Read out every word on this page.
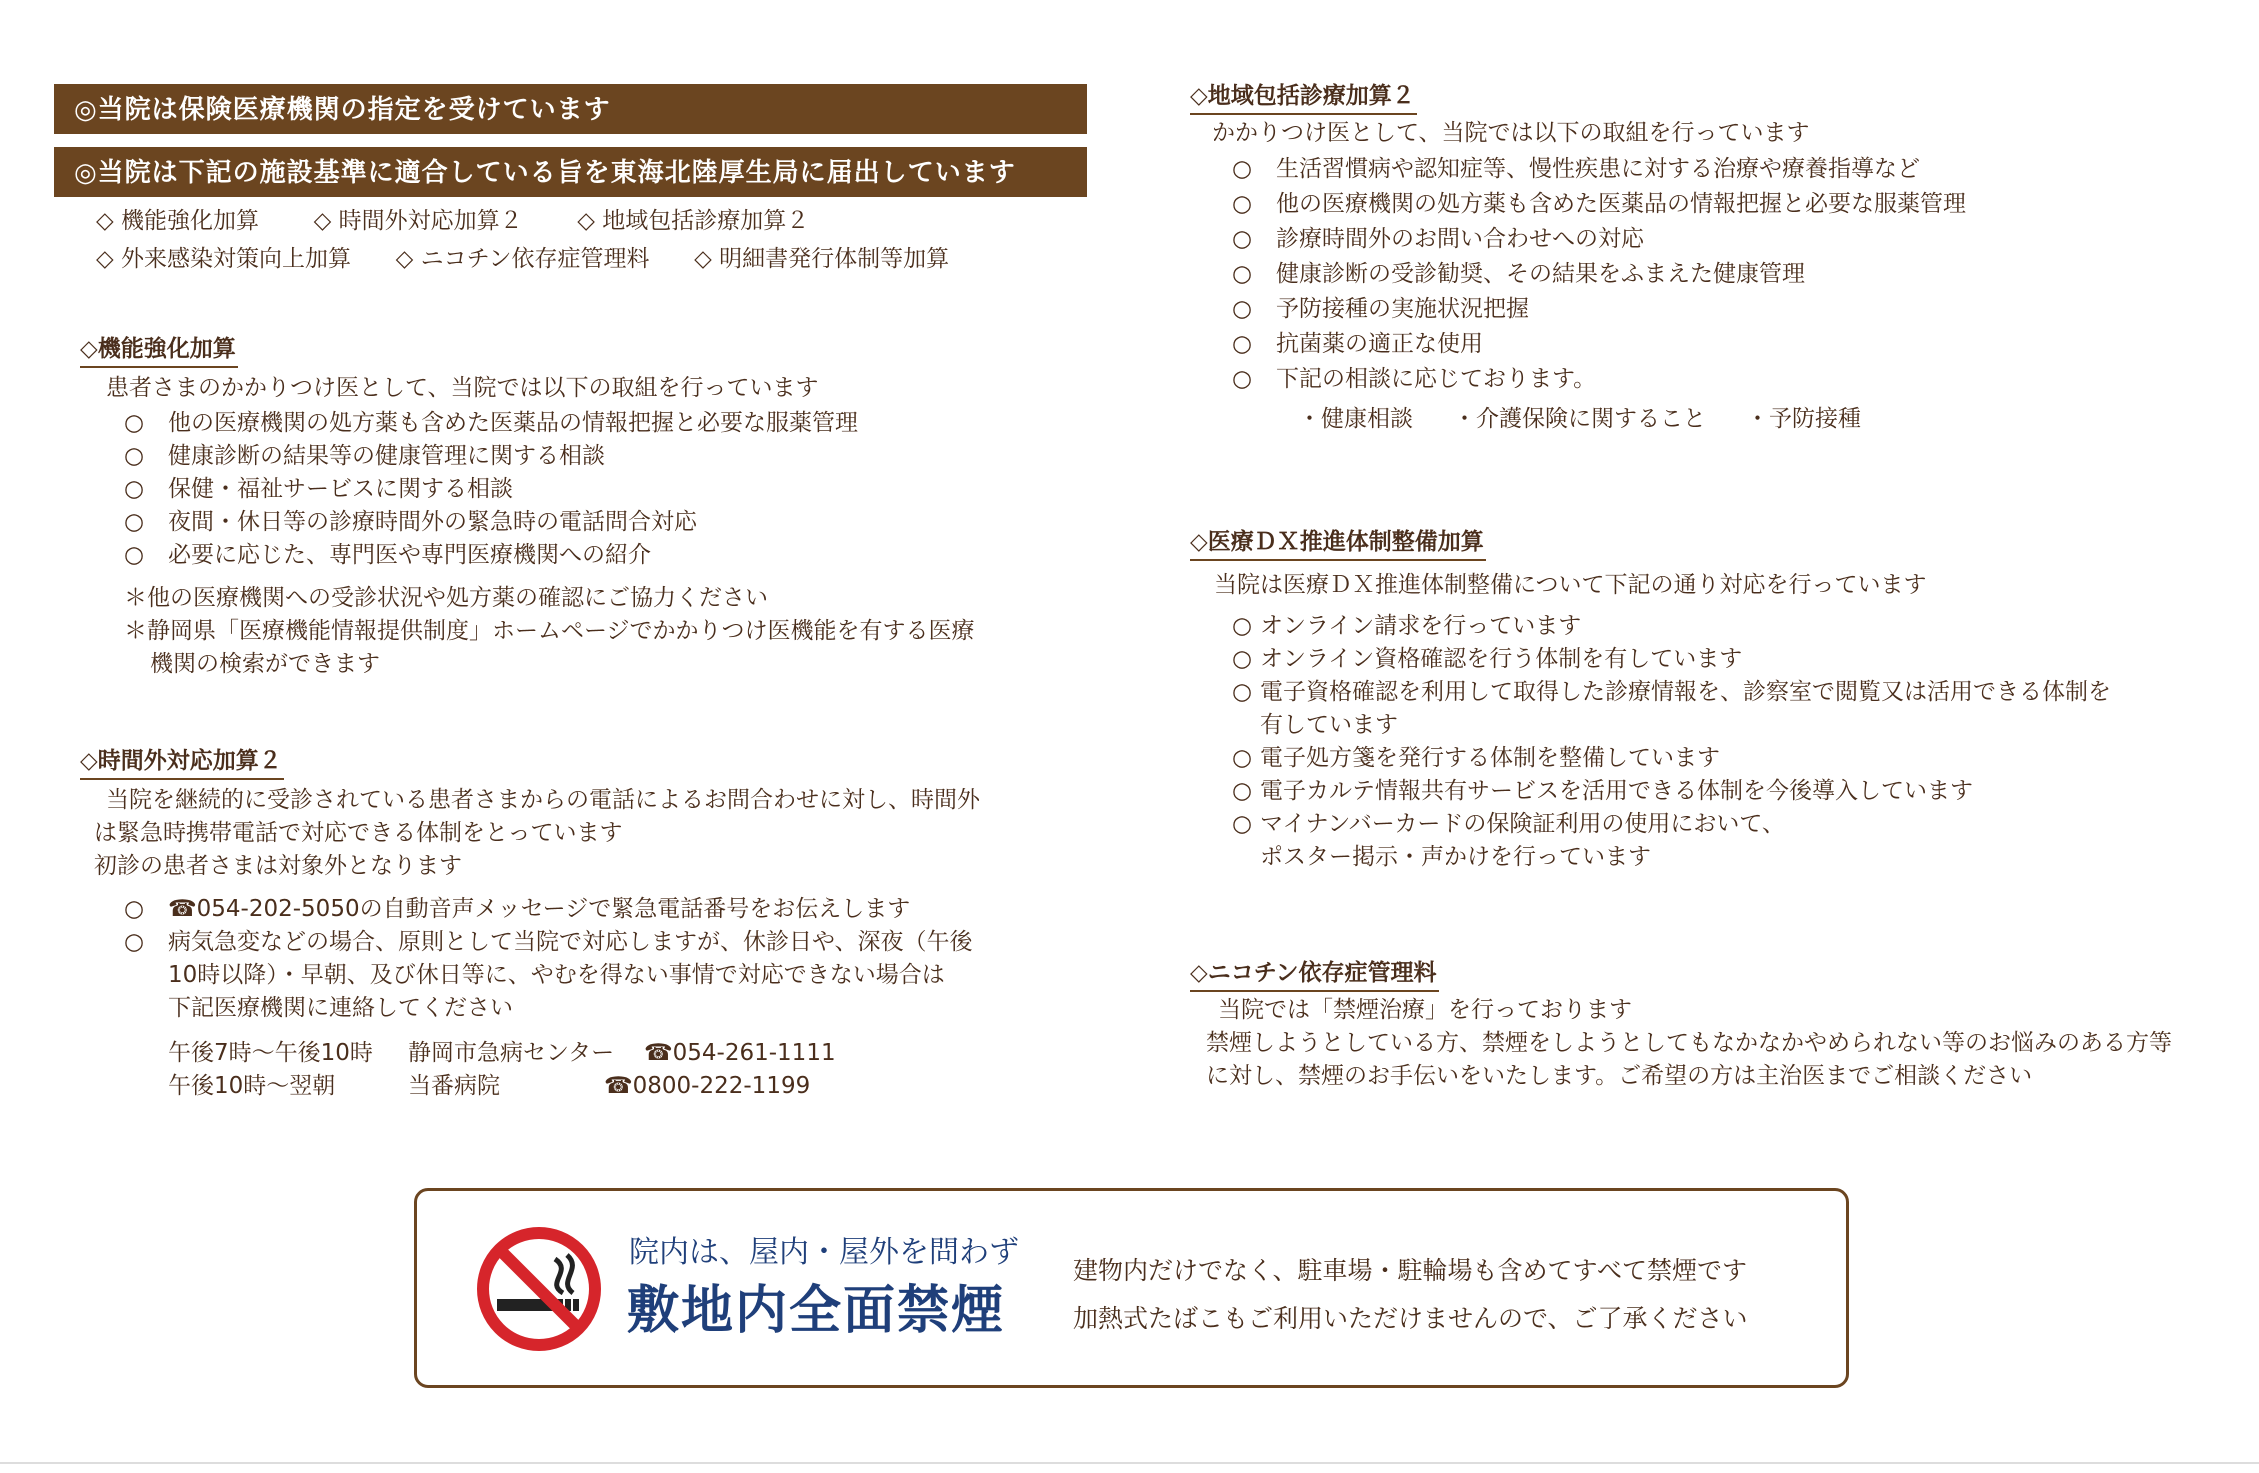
◎当院は保険医療機関の指定を受けています
◎当院は下記の施設基準に適合している旨を東海北陸厚生局に届出しています
◇ 機能強化加算 ◇ 時間外対応加算２ ◇ 地域包括診療加算２
◇ 外来感染対策向上加算 ◇ ニコチン依存症管理料 ◇ 明細書発行体制等加算
◇機能強化加算
患者さまのかかりつけ医として、当院では以下の取組を行っています
○ 他の医療機関の処方薬も含めた医薬品の情報把握と必要な服薬管理
○ 健康診断の結果等の健康管理に関する相談
○ 保健・福祉サービスに関する相談
○ 夜間・休日等の診療時間外の緊急時の電話問合対応
○ 必要に応じた、専門医や専門医療機関への紹介
＊他の医療機関への受診状況や処方薬の確認にご協力ください
＊静岡県「医療機能情報提供制度」ホームページでかかりつけ医機能を有する医療
機関の検索ができます
◇時間外対応加算２
当院を継続的に受診されている患者さまからの電話によるお問合わせに対し、時間外
は緊急時携帯電話で対応できる体制をとっています
初診の患者さまは対象外となります
○ ☎054-202-5050の自動音声メッセージで緊急電話番号をお伝えします
○ 病気急変などの場合、原則として当院で対応しますが、休診日や、深夜（午後
10時以降）・早朝、及び休日等に、やむを得ない事情で対応できない場合は
下記医療機関に連絡してください
午後7時～午後10時 静岡市急病センター ☎054-261-1111
午後10時～翌朝	当番病院	☎0800-222-1199
◇地域包括診療加算２
かかりつけ医として、当院では以下の取組を行っています
○ 生活習慣病や認知症等、慢性疾患に対する治療や療養指導など
○ 他の医療機関の処方薬も含めた医薬品の情報把握と必要な服薬管理
○ 診療時間外のお問い合わせへの対応
○ 健康診断の受診勧奨、その結果をふまえた健康管理
○ 予防接種の実施状況把握
○ 抗菌薬の適正な使用
○ 下記の相談に応じております。
・健康相談 ・介護保険に関すること ・予防接種
◇医療ＤＸ推進体制整備加算
当院は医療ＤＸ推進体制整備について下記の通り対応を行っています
○ オンライン請求を行っています
○ オンライン資格確認を行う体制を有しています
○ 電子資格確認を利用して取得した診療情報を、診察室で閲覧又は活用できる体制を
有しています
○ 電子処方箋を発行する体制を整備しています
○ 電子カルテ情報共有サービスを活用できる体制を今後導入しています
○ マイナンバーカードの保険証利用の使用において、
ポスター掲示・声かけを行っています
◇ニコチン依存症管理料
当院では「禁煙治療」を行っております
禁煙しようとしている方、禁煙をしようとしてもなかなかやめられない等のお悩みのある方等
に対し、禁煙のお手伝いをいたします。ご希望の方は主治医までご相談ください
院内は、屋内・屋外を問わず
敷地内全面禁煙
建物内だけでなく、駐車場・駐輪場も含めてすべて禁煙です
加熱式たばこもご利用いただけませんので、ご了承ください
